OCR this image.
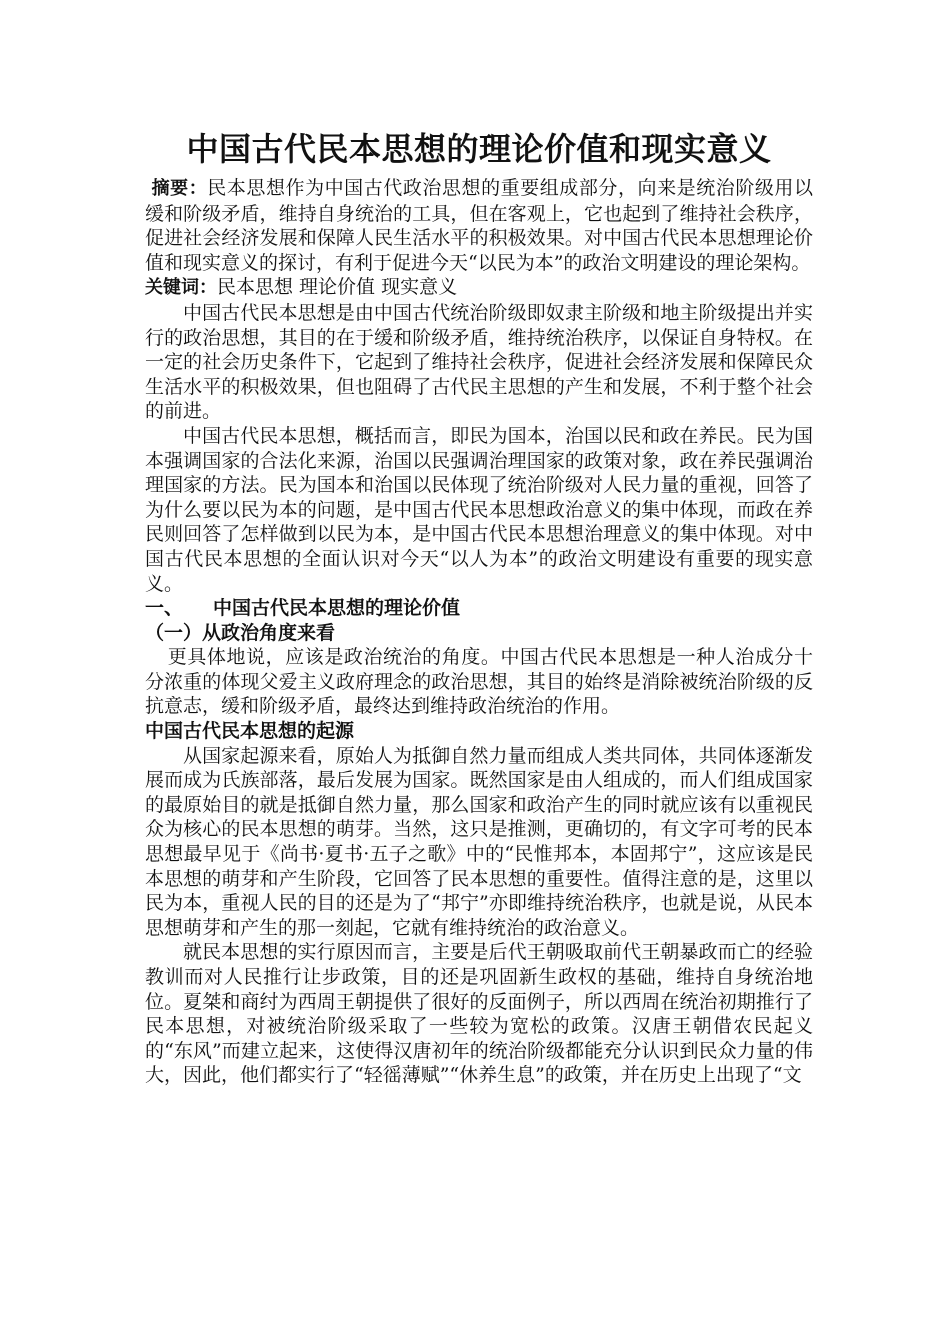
中国古代民本思想的理论价值和现实意义

摘要：民本思想作为中国古代政治思想的重要组成部分，向来是统治阶级用以缓和阶级矛盾，维持自身统治的工具，但在客观上，它也起到了维持社会秩序，促进社会经济发展和保障人民生活水平的积极效果。对中国古代民本思想理论价值和现实意义的探讨，有利于促进今天“以民为本”的政治文明建设的理论架构。

关键词：民本思想 理论价值 现实意义

中国古代民本思想是由中国古代统治阶级即奴隶主阶级和地主阶级提出并实行的政治思想，其目的在于缓和阶级矛盾，维持统治秩序，以保证自身特权。在一定的社会历史条件下，它起到了维持社会秩序，促进社会经济发展和保障民众生活水平的积极效果，但也阻碍了古代民主思想的产生和发展，不利于整个社会的前进。

中国古代民本思想，概括而言，即民为国本，治国以民和政在养民。民为国本强调国家的合法化来源，治国以民强调治理国家的政策对象，政在养民强调治理国家的方法。民为国本和治国以民体现了统治阶级对人民力量的重视，回答了为什么要以民为本的问题，是中国古代民本思想政治意义的集中体现，而政在养民则回答了怎样做到以民为本，是中国古代民本思想治理意义的集中体现。对中国古代民本思想的全面认识对今天“以人为本”的政治文明建设有重要的现实意义。

一、 中国古代民本思想的理论价值

（一）从政治角度来看

更具体地说，应该是政治统治的角度。中国古代民本思想是一种人治成分十分浓重的体现父爱主义政府理念的政治思想，其目的始终是消除被统治阶级的反抗意志，缓和阶级矛盾，最终达到维持政治统治的作用。

中国古代民本思想的起源

从国家起源来看，原始人为抵御自然力量而组成人类共同体，共同体逐渐发展而成为氏族部落，最后发展为国家。既然国家是由人组成的，而人们组成国家的最原始目的就是抵御自然力量，那么国家和政治产生的同时就应该有以重视民众为核心的民本思想的萌芽。当然，这只是推测，更确切的，有文字可考的民本思想最早见于《尚书·夏书·五子之歌》中的“民惟邦本，本固邦宁”，这应该是民本思想的萌芽和产生阶段，它回答了民本思想的重要性。值得注意的是，这里以民为本，重视人民的目的还是为了“邦宁”亦即维持统治秩序，也就是说，从民本思想萌芽和产生的那一刻起，它就有维持统治的政治意义。

就民本思想的实行原因而言，主要是后代王朝吸取前代王朝暴政而亡的经验教训而对人民推行让步政策，目的还是巩固新生政权的基础，维持自身统治地位。夏桀和商纣为西周王朝提供了很好的反面例子，所以西周在统治初期推行了民本思想，对被统治阶级采取了一些较为宽松的政策。汉唐王朝借农民起义的“东风”而建立起来，这使得汉唐初年的统治阶级都能充分认识到民众力量的伟大，因此，他们都实行了“轻徭薄赋”“休养生息”的政策，并在历史上出现了“文
